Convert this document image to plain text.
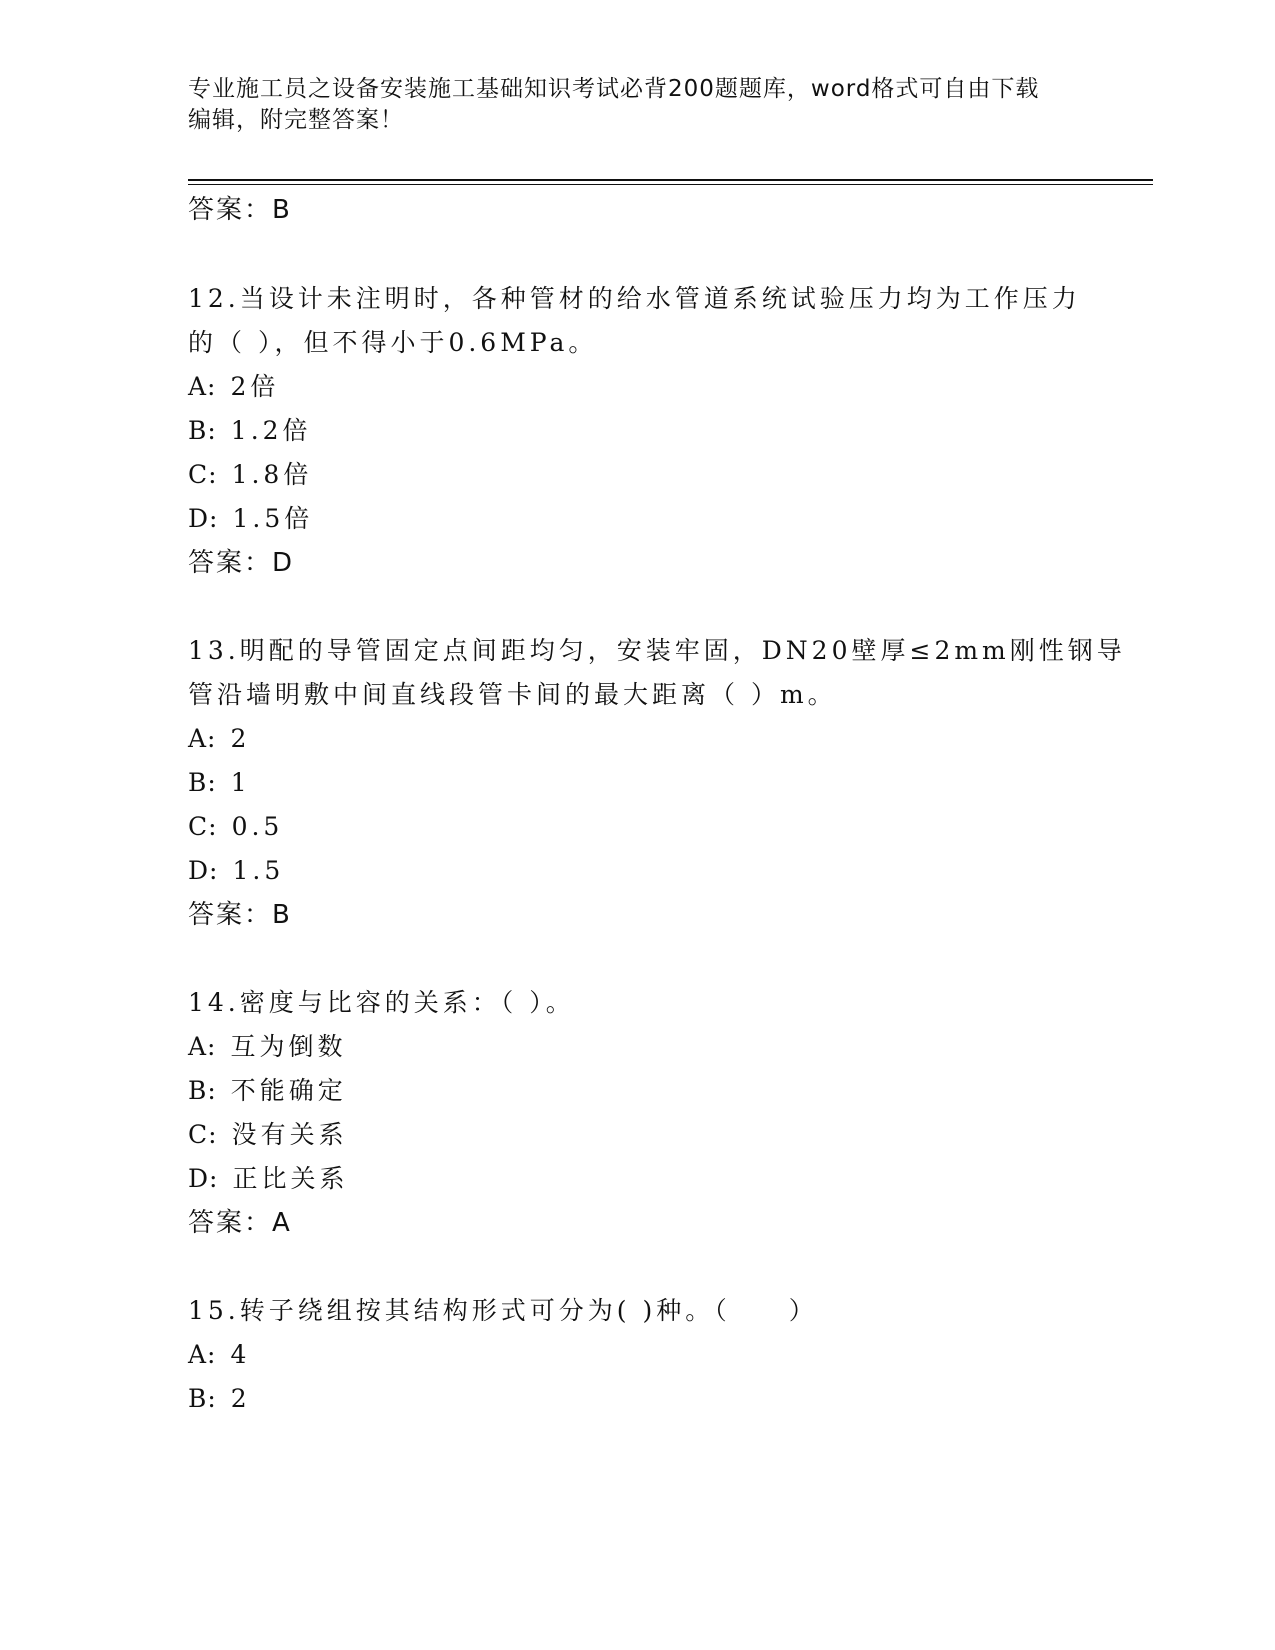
专业施工员之设备安装施工基础知识考试必背200题题库，word格式可自由下载
编辑，附完整答案！
答案：B
12.当设计未注明时，各种管材的给水管道系统试验压力均为工作压力
的（ ），但不得小于0.6MPa。
A: 2倍
B: 1.2倍
C: 1.8倍
D: 1.5倍
答案：D
13.明配的导管固定点间距均匀，安装牢固，DN20壁厚≤2mm刚性钢导
管沿墙明敷中间直线段管卡间的最大距离（ ）m。
A: 2
B: 1
C: 0.5
D: 1.5
答案：B
14.密度与比容的关系：（ ）。
A: 互为倒数
B: 不能确定
C: 没有关系
D: 正比关系
答案：A
15.转子绕组按其结构形式可分为( )种。（　　）
A: 4
B: 2
